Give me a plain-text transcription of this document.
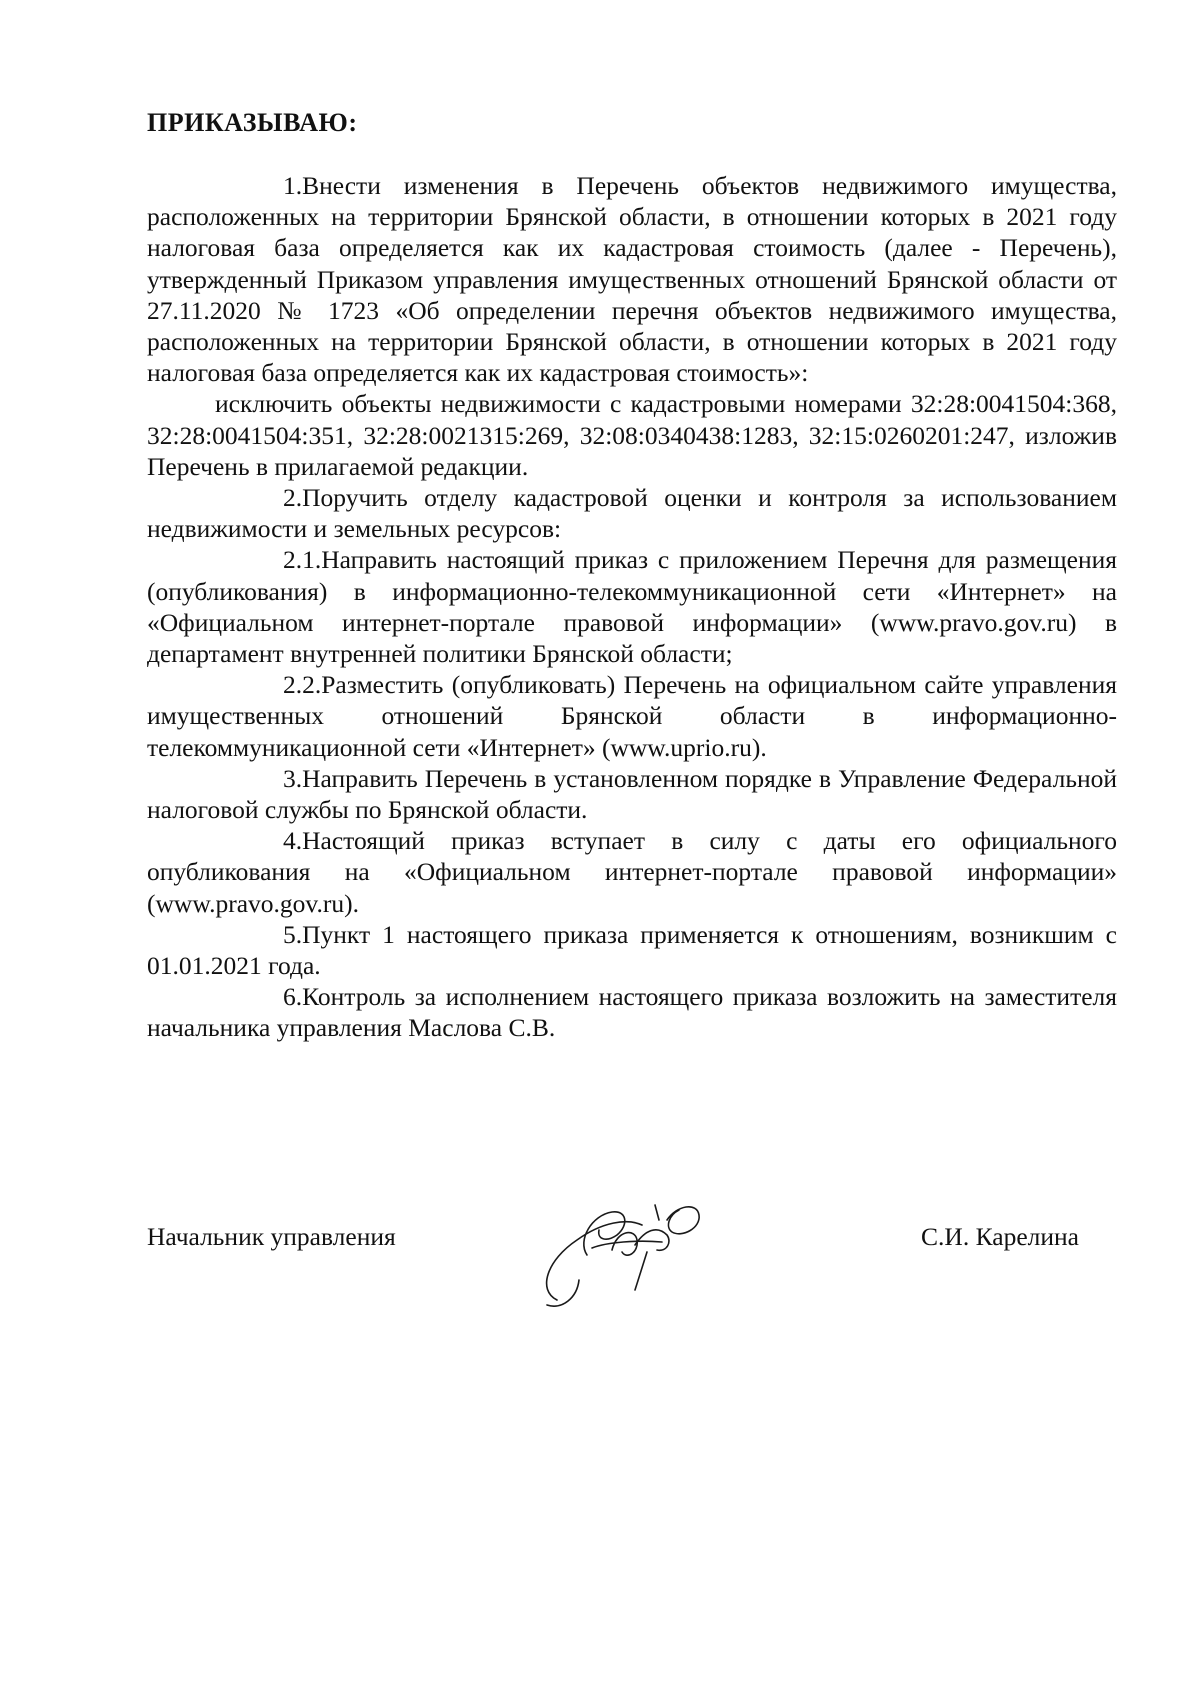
ПРИКАЗЫВАЮ:

1.Внести изменения в Перечень объектов недвижимого имущества, расположенных на территории Брянской области, в отношении которых в 2021 году налоговая база определяется как их кадастровая стоимость (далее - Перечень), утвержденный Приказом управления имущественных отношений Брянской области от 27.11.2020 № 1723 «Об определении перечня объектов недвижимого имущества, расположенных на территории Брянской области, в отношении которых в 2021 году налоговая база определяется как их кадастровая стоимость»:

исключить объекты недвижимости с кадастровыми номерами 32:28:0041504:368, 32:28:0041504:351, 32:28:0021315:269, 32:08:0340438:1283, 32:15:0260201:247, изложив Перечень в прилагаемой редакции.

2.Поручить отделу кадастровой оценки и контроля за использованием недвижимости и земельных ресурсов:

2.1.Направить настоящий приказ с приложением Перечня для размещения (опубликования) в информационно-телекоммуникационной сети «Интернет» на «Официальном интернет-портале правовой информации» (www.pravo.gov.ru) в департамент внутренней политики Брянской области;

2.2.Разместить (опубликовать) Перечень на официальном сайте управления имущественных отношений Брянской области в информационно-телекоммуникационной сети «Интернет» (www.uprio.ru).

3.Направить Перечень в установленном порядке в Управление Федеральной налоговой службы по Брянской области.

4.Настоящий приказ вступает в силу с даты его официального опубликования на «Официальном интернет-портале правовой информации» (www.pravo.gov.ru).

5.Пункт 1 настоящего приказа применяется к отношениям, возникшим с 01.01.2021 года.

6.Контроль за исполнением настоящего приказа возложить на заместителя начальника управления Маслова С.В.

Начальник управления	С.И. Карелина
